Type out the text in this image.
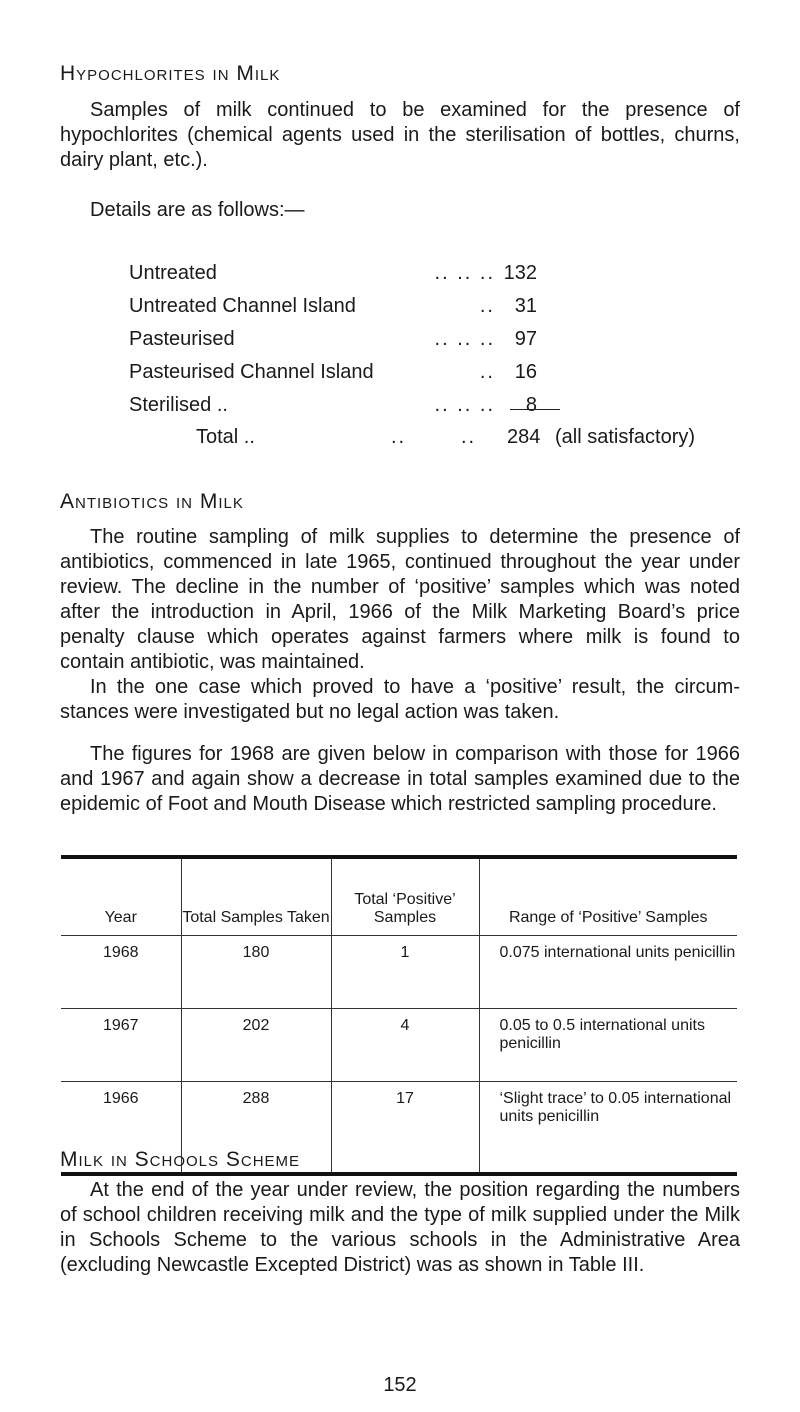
Hypochlorites in Milk
Samples of milk continued to be examined for the presence of hypochlorites (chemical agents used in the sterilisation of bottles, churns, dairy plant, etc.).
Details are as follows:—
Untreated	.. .. .. 132
Untreated Channel Island	.. 31
Pasteurised	.. .. .. 97
Pasteurised Channel Island	.. 16
Sterilised ..	.. .. ..	8
Total ..	..	.. 284 (all satisfactory)
Antibiotics in Milk
The routine sampling of milk supplies to determine the presence of antibiotics, commenced in late 1965, continued throughout the year under review. The decline in the number of ‘positive’ samples which was noted after the introduction in April, 1966 of the Milk Marketing Board’s price penalty clause which operates against farmers where milk is found to contain antibiotic, was maintained.
In the one case which proved to have a ‘positive’ result, the circumstances were investigated but no legal action was taken.
The figures for 1968 are given below in comparison with those for 1966 and 1967 and again show a decrease in total samples examined due to the epidemic of Foot and Mouth Disease which restricted sampling procedure.
Year	Total Samples Taken	Total ‘Positive’ Samples	Range of ‘Positive’ Samples
1968	180	1	0.075 international units penicillin
1967	202	4	0.05 to 0.5 international units penicillin
1966	288	17	‘Slight trace’ to 0.05 international units penicillin
Milk in Schools Scheme
At the end of the year under review, the position regarding the numbers of school children receiving milk and the type of milk supplied under the Milk in Schools Scheme to the various schools in the Administrative Area (excluding Newcastle Excepted District) was as shown in Table III.
152
